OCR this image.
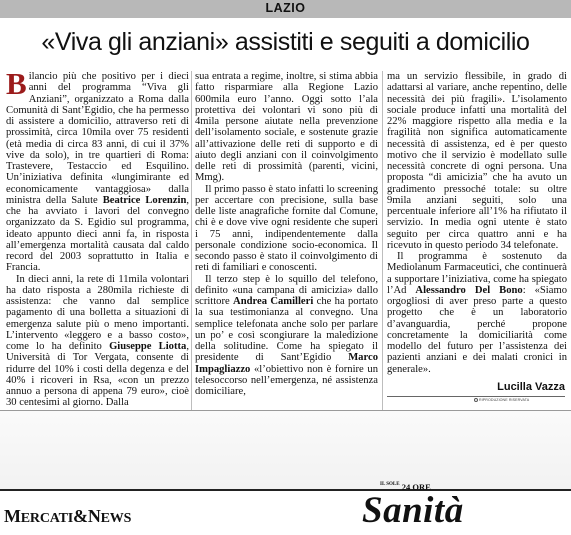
LAZIO
«Viva gli anziani» assistiti e seguiti a domicilio

Bilancio più che positivo per i dieci anni del programma “Viva gli Anziani”, organizzato a Roma dalla Comunità di Sant’Egidio, che ha permesso di assistere a domicilio, attraverso reti di prossimità, circa 10mila over 75 residenti (età media di circa 83 anni, di cui il 37% vive da solo), in tre quartieri di Roma: Trastevere, Testaccio ed Esquilino. Un’iniziativa definita «lungimirante ed economicamente vantaggiosa» dalla ministra della Salute Beatrice Lorenzin, che ha avviato i lavori del convegno organizzato da S. Egidio sul programma, ideato appunto dieci anni fa, in risposta all’emergenza mortalità causata dal caldo record del 2003 soprattutto in Italia e Francia.

In dieci anni, la rete di 11mila volontari ha dato risposta a 280mila richieste di assistenza: che vanno dal semplice pagamento di una bolletta a situazioni di emergenza salute più o meno importanti. L’intervento «leggero e a basso costo», come lo ha definito Giuseppe Liotta, Università di Tor Vergata, consente di ridurre del 10% i costi della degenza e del 40% i ricoveri in Rsa, «con un prezzo annuo a persona di appena 79 euro», cioè 30 centesimi al giorno. Dalla

sua entrata a regime, inoltre, si stima abbia fatto risparmiare alla Regione Lazio 600mila euro l’anno. Oggi sotto l’ala protettiva dei volontari vi sono più di 4mila persone aiutate nella prevenzione dell’isolamento sociale, e sostenute grazie all’attivazione delle reti di supporto e di aiuto degli anziani con il coinvolgimento delle reti di prossimità (parenti, vicini, Mmg).

Il primo passo è stato infatti lo screening per accertare con precisione, sulla base delle liste anagrafiche fornite dal Comune, chi è e dove vive ogni residente che superi i 75 anni, indipendentemente dalla personale condizione socio-economica. Il secondo passo è stato il coinvolgimento di reti di familiari e conoscenti.

Il terzo step è lo squillo del telefono, definito «una campana di amicizia» dallo scrittore Andrea Camilleri che ha portato la sua testimonianza al convegno. Una semplice telefonata anche solo per parlare un po’ e così scongiurare la maledizione della solitudine. Come ha spiegato il presidente di Sant’Egidio Marco Impagliazzo «l’obiettivo non è fornire un telesoccorso nell’emergenza, né assistenza domiciliare,

ma un servizio flessibile, in grado di adattarsi al variare, anche repentino, delle necessità dei più fragili». L’isolamento sociale produce infatti una mortalità del 22% maggiore rispetto alla media e la fragilità non significa automaticamente necessità di assistenza, ed è per questo motivo che il servizio è modellato sulle necessità concrete di ogni persona. Una proposta “di amicizia” che ha avuto un gradimento pressoché totale: su oltre 9mila anziani seguiti, solo una percentuale inferiore all’1% ha rifiutato il servizio. In media ogni utente è stato seguito per circa quattro anni e ha ricevuto in questo periodo 34 telefonate.

Il programma è sostenuto da Mediolanum Farmaceutici, che continuerà a supportare l’iniziativa, come ha spiegato l’Ad Alessandro Del Bono: «Siamo orgogliosi di aver preso parte a questo progetto che è un laboratorio d’avanguardia, perché propone concretamente la domiciliarità come modello del futuro per l’assistenza dei pazienti anziani e dei malati cronici in generale».

Lucilla Vazza
RIPRODUZIONE RISERVATA
MERCATI&NEWS
$^{IL SOLE}$ 24 ORE
Sanità
